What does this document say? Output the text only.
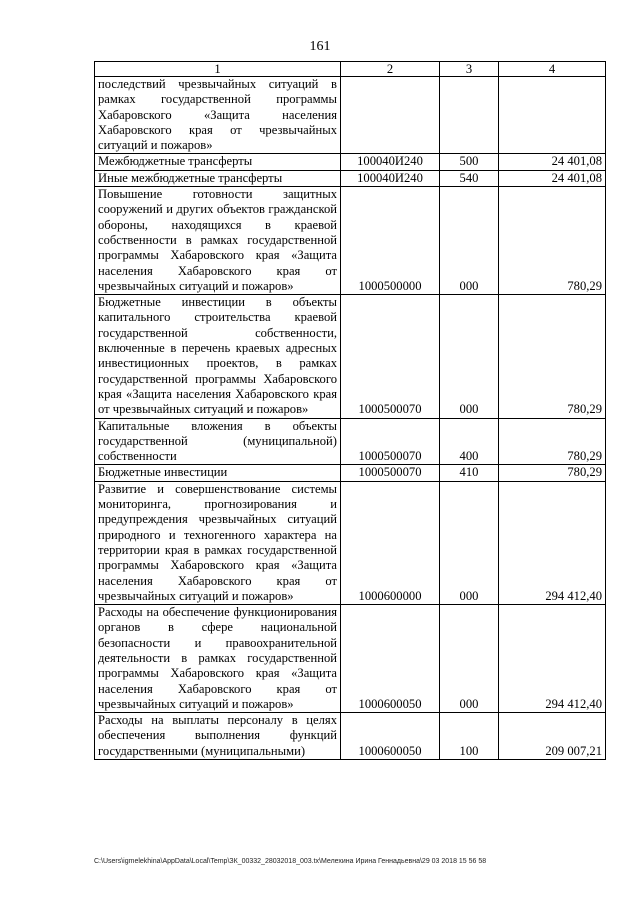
161
1	2	3	4
последствий чрезвычайных ситуаций в рамках государственной программы Хабаровского «Защита населения Хабаровского края от чрезвычайных ситуаций и пожаров»			
Межбюджетные трансферты	100040И240	500	24 401,08
Иные межбюджетные трансферты	100040И240	540	24 401,08
Повышение готовности защитных сооружений и других объектов гражданской обороны, находящихся в краевой собственности в рамках государственной программы Хабаровского края «Защита населения Хабаровского края от чрезвычайных ситуаций и пожаров»	1000500000	000	780,29
Бюджетные инвестиции в объекты капитального строительства краевой государственной собственности, включенные в перечень краевых адресных инвестиционных проектов, в рамках государственной программы Хабаровского края «Защита населения Хабаровского края от чрезвычайных ситуаций и пожаров»	1000500070	000	780,29
Капитальные вложения в объекты государственной (муниципальной) собственности	1000500070	400	780,29
Бюджетные инвестиции	1000500070	410	780,29
Развитие и совершенствование системы мониторинга, прогнозирования и предупреждения чрезвычайных ситуаций природного и техногенного характера на территории края в рамках государственной программы Хабаровского края «Защита населения Хабаровского края от чрезвычайных ситуаций и пожаров»	1000600000	000	294 412,40
Расходы на обеспечение функционирования органов в сфере национальной безопасности и правоохранительной деятельности в рамках государственной программы Хабаровского края «Защита населения Хабаровского края от чрезвычайных ситуаций и пожаров»	1000600050	000	294 412,40
Расходы на выплаты персоналу в целях обеспечения выполнения функций государственными (муниципальными)	1000600050	100	209 007,21
C:\Users\igmelekhina\AppData\Local\Temp\ЗК_00332_28032018_003.tx\Мелехина Ирина Геннадьевна\29 03 2018 15 56 58
